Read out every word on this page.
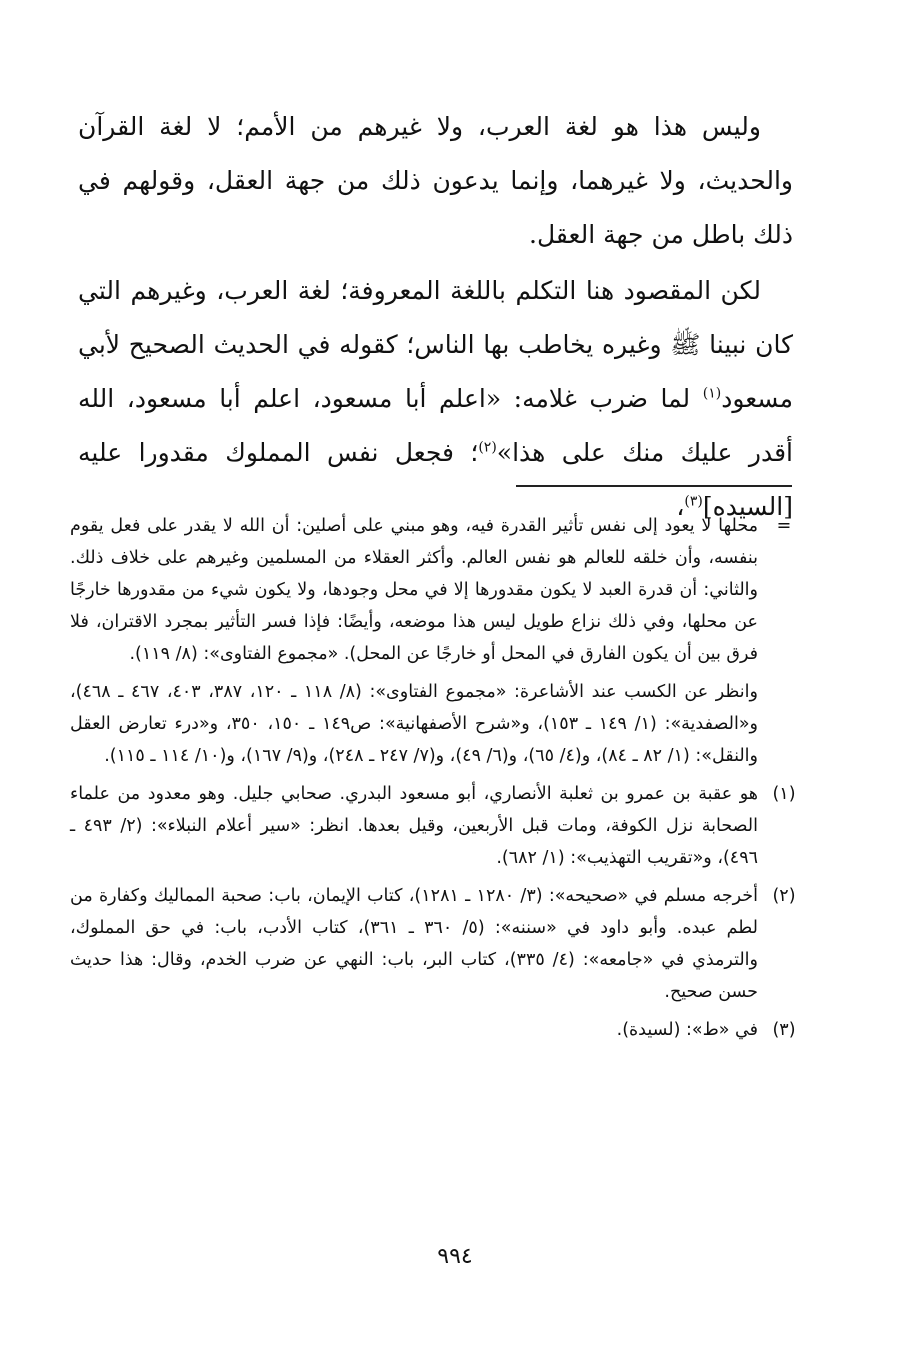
وليس هذا هو لغة العرب، ولا غيرهم من الأمم؛ لا لغة القرآن والحديث، ولا غيرهما، وإنما يدعون ذلك من جهة العقل، وقولهم في ذلك باطل من جهة العقل.

لكن المقصود هنا التكلم باللغة المعروفة؛ لغة العرب، وغيرهم التي كان نبينا ﷺ وغيره يخاطب بها الناس؛ كقوله في الحديث الصحيح لأبي مسعود$^{(١)}$ لما ضرب غلامه: «اعلم أبا مسعود، اعلم أبا مسعود، الله أقدر عليك منك على هذا»$^{(٢)}$؛ فجعل نفس المملوك مقدورا عليه [السيده]$^{(٣)}$،

=

محلها لا يعود إلى نفس تأثير القدرة فيه، وهو مبني على أصلين: أن الله لا يقدر على فعل يقوم بنفسه، وأن خلقه للعالم هو نفس العالم. وأكثر العقلاء من المسلمين وغيرهم على خلاف ذلك. والثاني: أن قدرة العبد لا يكون مقدورها إلا في محل وجودها، ولا يكون شيء من مقدورها خارجًا عن محلها، وفي ذلك نزاع طويل ليس هذا موضعه، وأيضًا: فإذا فسر التأثير بمجرد الاقتران، فلا فرق بين أن يكون الفارق في المحل أو خارجًا عن المحل). «مجموع الفتاوى»: (٨/ ١١٩).

وانظر عن الكسب عند الأشاعرة: «مجموع الفتاوى»: (٨/ ١١٨ ـ ١٢٠، ٣٨٧، ٤٠٣، ٤٦٧ ـ ٤٦٨)، و«الصفدية»: (١/ ١٤٩ ـ ١٥٣)، و«شرح الأصفهانية»: ص١٤٩ ـ ١٥٠، ٣٥٠، و«درء تعارض العقل والنقل»: (١/ ٨٢ ـ ٨٤)، و(٤/ ٦٥)، و(٦/ ٤٩)، و(٧/ ٢٤٧ ـ ٢٤٨)، و(٩/ ١٦٧)، و(١٠/ ١١٤ ـ ١١٥).

(١)
هو عقبة بن عمرو بن ثعلبة الأنصاري، أبو مسعود البدري. صحابي جليل. وهو معدود من علماء الصحابة نزل الكوفة، ومات قبل الأربعين، وقيل بعدها. انظر: «سير أعلام النبلاء»: (٢/ ٤٩٣ ـ ٤٩٦)، و«تقريب التهذيب»: (١/ ٦٨٢).
(٢)
أخرجه مسلم في «صحيحه»: (٣/ ١٢٨٠ ـ ١٢٨١)، كتاب الإيمان، باب: صحبة المماليك وكفارة من لطم عبده. وأبو داود في «سننه»: (٥/ ٣٦٠ ـ ٣٦١)، كتاب الأدب، باب: في حق المملوك، والترمذي في «جامعه»: (٤/ ٣٣٥)، كتاب البر، باب: النهي عن ضرب الخدم، وقال: هذا حديث حسن صحيح.
(٣)
في «ط»: (لسيدة).
٩٩٤
